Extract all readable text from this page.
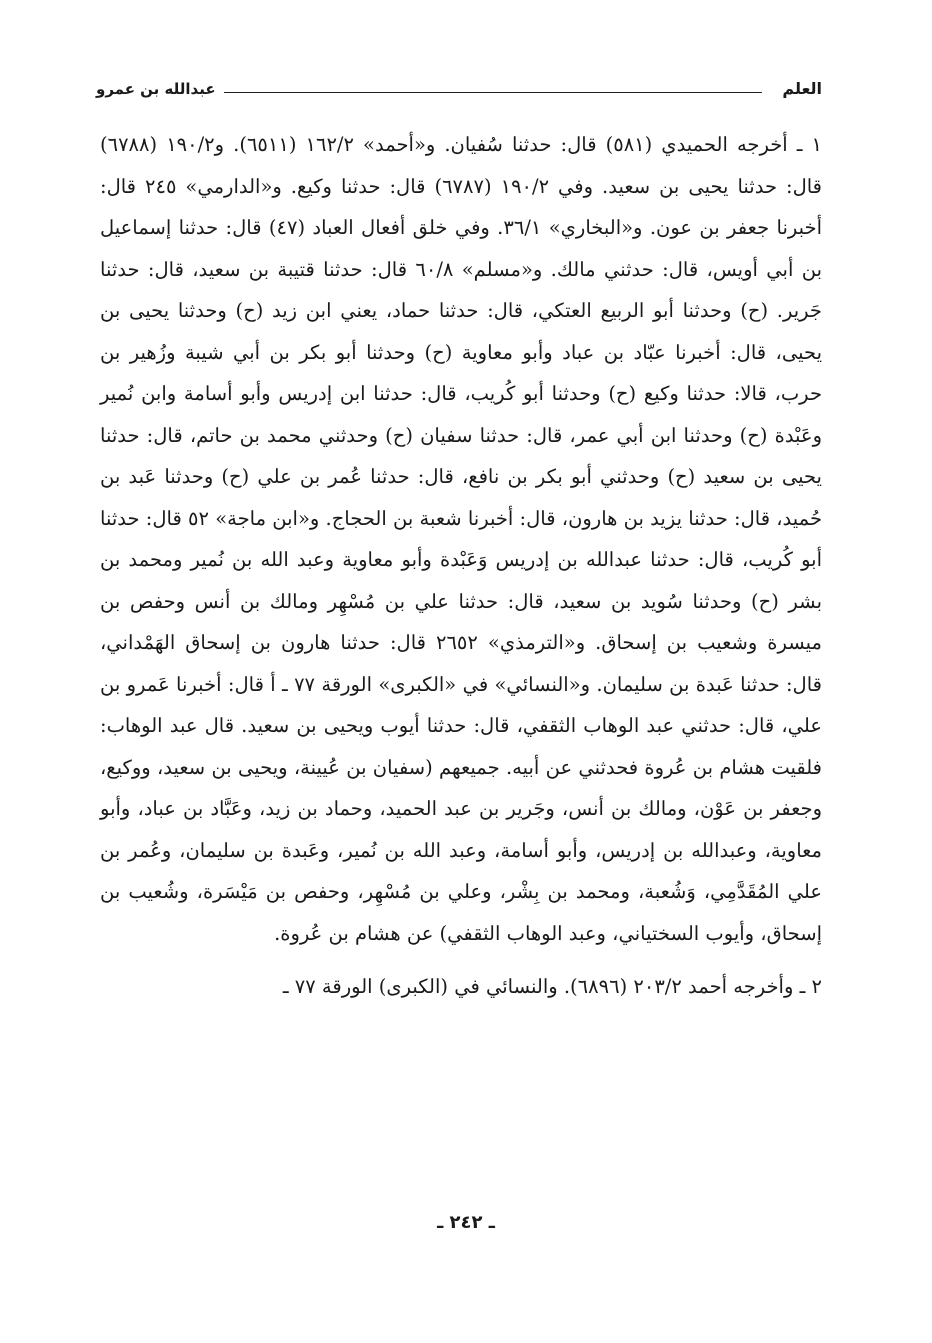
العلم
عبدالله بن عمرو

١ ـ أخرجه الحميدي (٥٨١) قال: حدثنا سُفيان. و«أحمد» ١٦٢/٢ (٦٥١١). و١٩٠/٢ (٦٧٨٨) قال: حدثنا يحيى بن سعيد. وفي ١٩٠/٢ (٦٧٨٧) قال: حدثنا وكيع. و«الدارمي» ٢٤٥ قال: أخبرنا جعفر بن عون. و«البخاري» ٣٦/١. وفي خلق أفعال العباد (٤٧) قال: حدثنا إسماعيل بن أبي أويس، قال: حدثني مالك. و«مسلم» ٦٠/٨ قال: حدثنا قتيبة بن سعيد، قال: حدثنا جَرير. (ح) وحدثنا أبو الربيع العتكي، قال: حدثنا حماد، يعني ابن زيد (ح) وحدثنا يحيى بن يحيى، قال: أخبرنا عبّاد بن عباد وأبو معاوية (ح) وحدثنا أبو بكر بن أبي شيبة وزُهير بن حرب، قالا: حدثنا وكيع (ح) وحدثنا أبو كُريب، قال: حدثنا ابن إدريس وأبو أسامة وابن نُمير وعَبْدة (ح) وحدثنا ابن أبي عمر، قال: حدثنا سفيان (ح) وحدثني محمد بن حاتم، قال: حدثنا يحيى بن سعيد (ح) وحدثني أبو بكر بن نافع، قال: حدثنا عُمر بن علي (ح) وحدثنا عَبد بن حُميد، قال: حدثنا يزيد بن هارون، قال: أخبرنا شعبة بن الحجاج. و«ابن ماجة» ٥٢ قال: حدثنا أبو كُريب، قال: حدثنا عبدالله بن إدريس وَعَبْدة وأبو معاوية وعبد الله بن نُمير ومحمد بن بشر (ح) وحدثنا سُويد بن سعيد، قال: حدثنا علي بن مُسْهِر ومالك بن أنس وحفص بن ميسرة وشعيب بن إسحاق. و«الترمذي» ٢٦٥٢ قال: حدثنا هارون بن إسحاق الهَمْداني، قال: حدثنا عَبدة بن سليمان. و«النسائي» في «الكبرى» الورقة ٧٧ ـ أ قال: أخبرنا عَمرو بن علي، قال: حدثني عبد الوهاب الثقفي، قال: حدثنا أيوب ويحيى بن سعيد. قال عبد الوهاب: فلقيت هشام بن عُروة فحدثني عن أبيه. جميعهم (سفيان بن عُيينة، ويحيى بن سعيد، ووكيع، وجعفر بن عَوْن، ومالك بن أنس، وجَرير بن عبد الحميد، وحماد بن زيد، وعَبَّاد بن عباد، وأبو معاوية، وعبدالله بن إدريس، وأبو أسامة، وعبد الله بن نُمير، وعَبدة بن سليمان، وعُمر بن علي المُقَدَّمِي، وَشُعبة، ومحمد بن بِشْر، وعلي بن مُسْهِر، وحفص بن مَيْسَرة، وشُعيب بن إسحاق، وأيوب السختياني، وعبد الوهاب الثقفي) عن هشام بن عُروة.

٢ ـ وأخرجه أحمد ٢٠٣/٢ (٦٨٩٦). والنسائي في (الكبرى) الورقة ٧٧ ـ

ـ ٢٤٢ ـ
